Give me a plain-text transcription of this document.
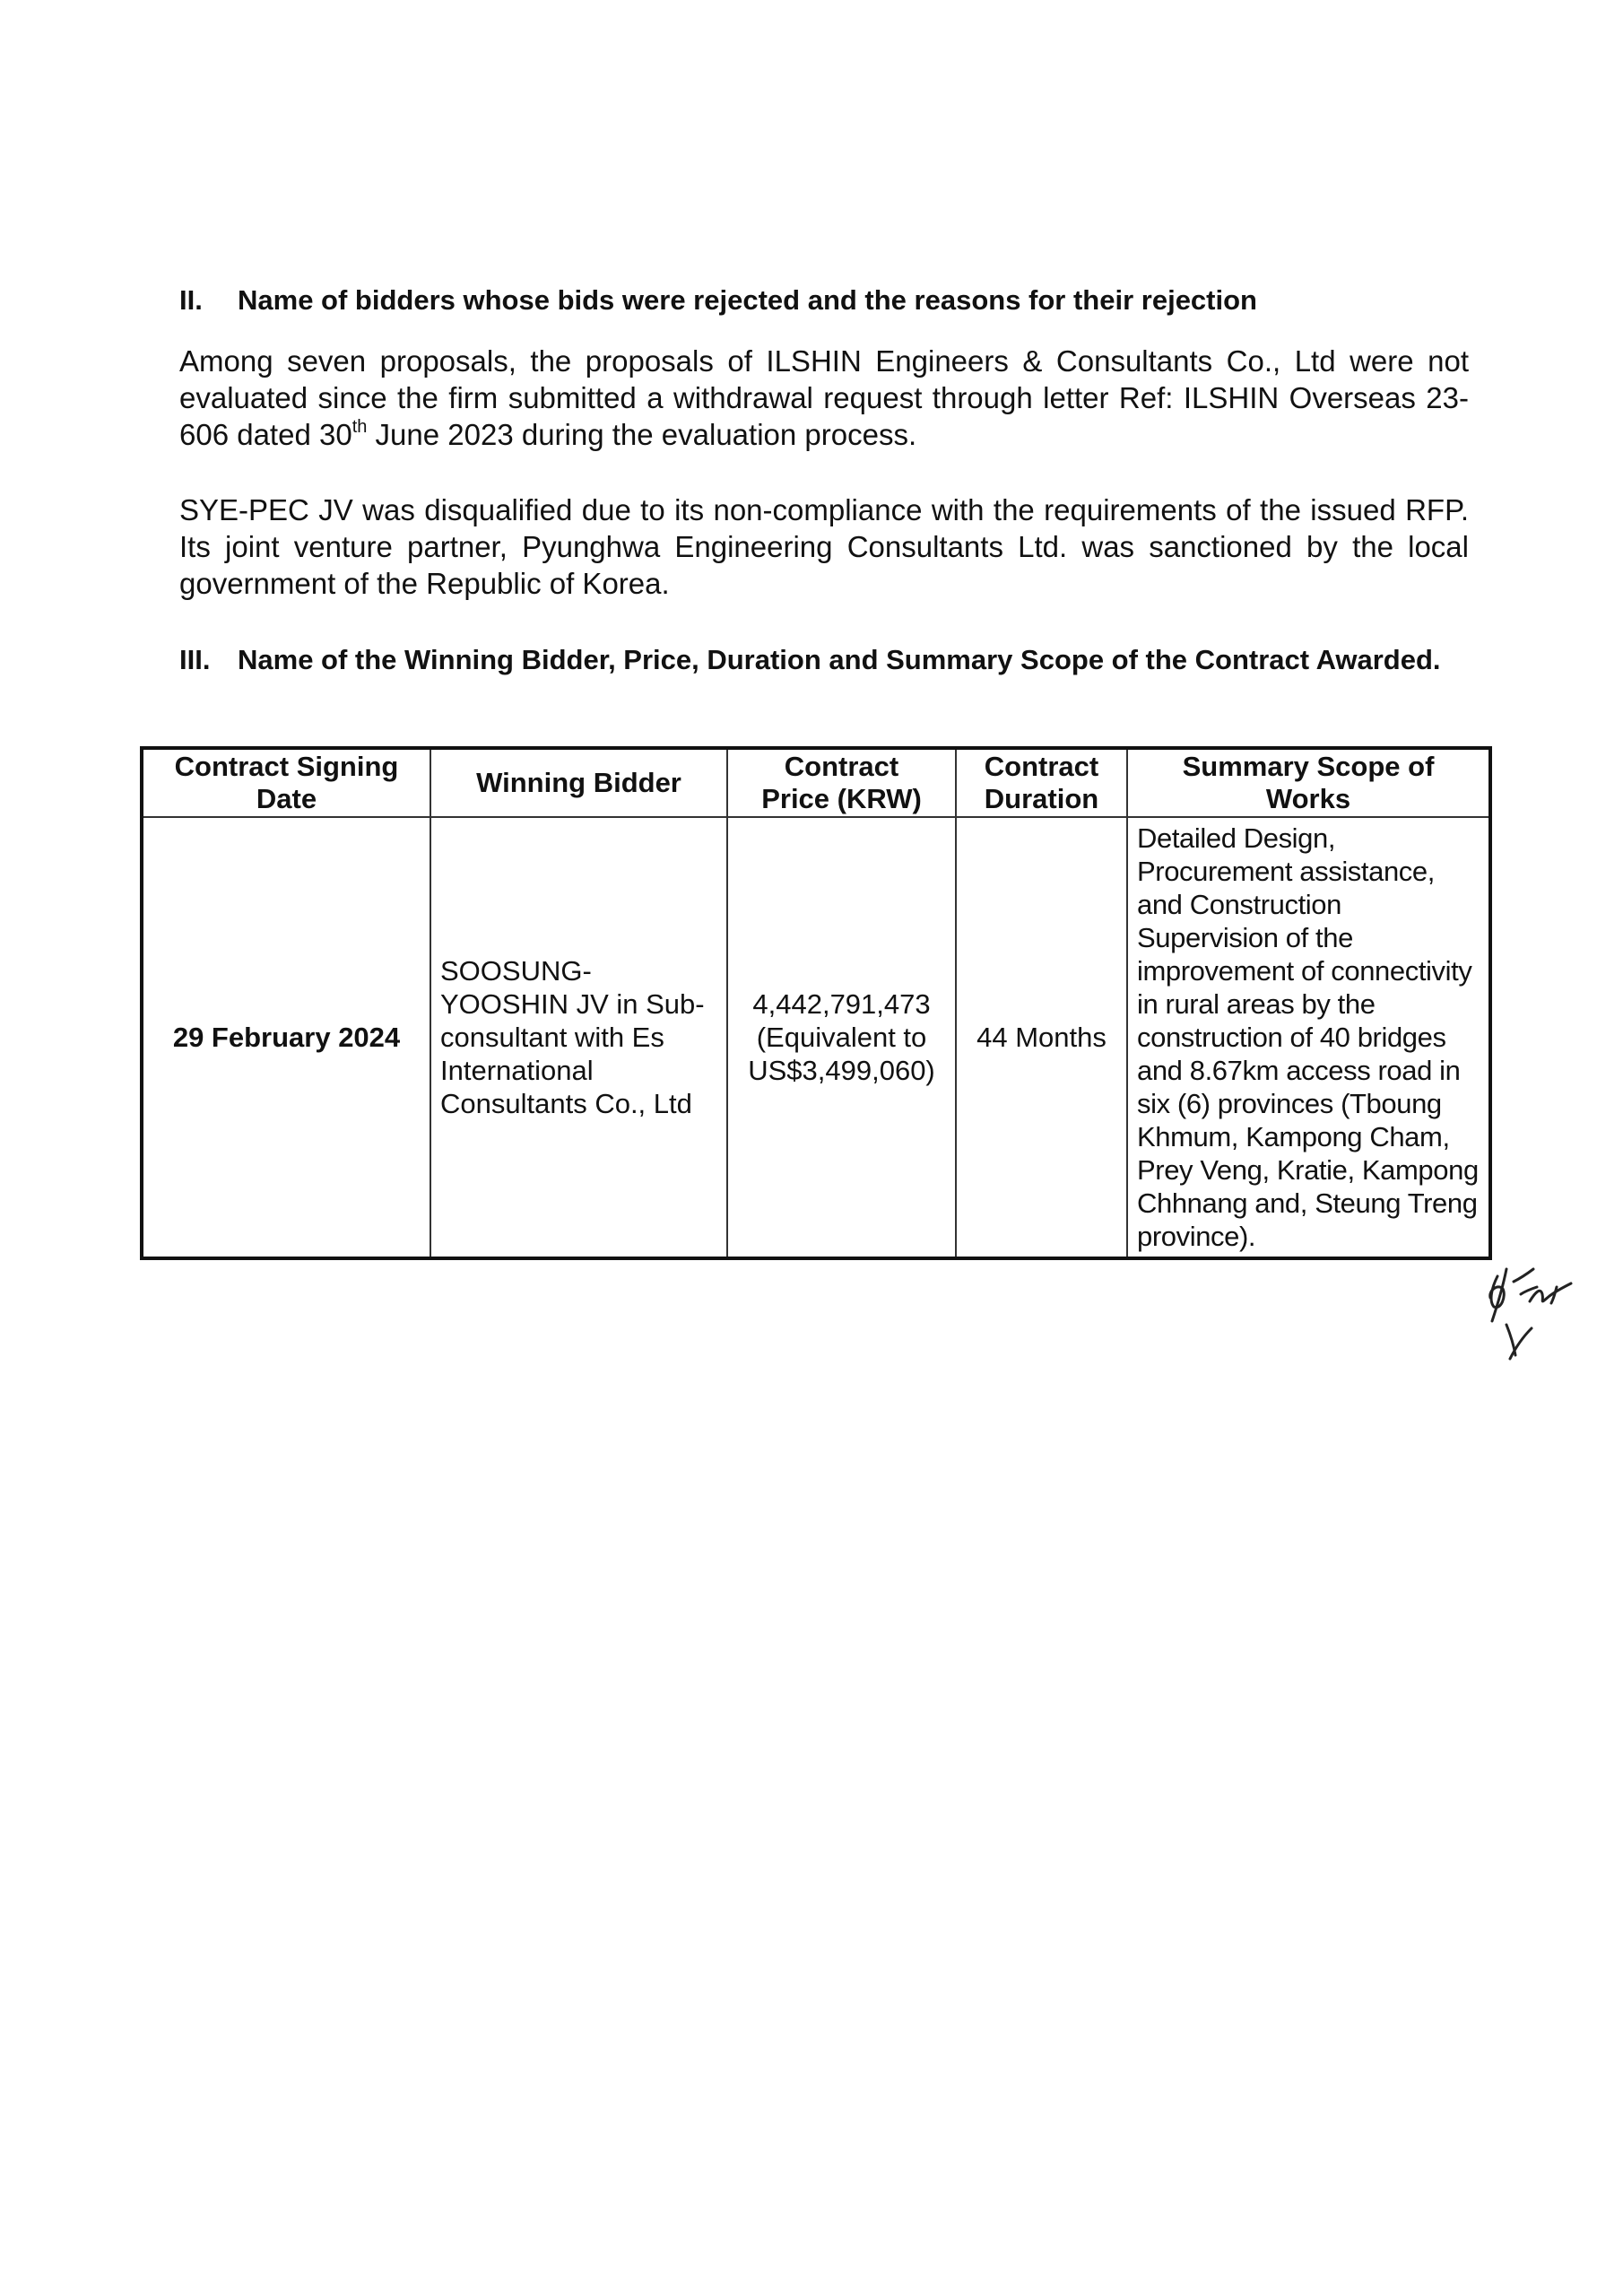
II. Name of bidders whose bids were rejected and the reasons for their rejection
Among seven proposals, the proposals of ILSHIN Engineers & Consultants Co., Ltd were not evaluated since the firm submitted a withdrawal request through letter Ref: ILSHIN Overseas 23-606 dated 30th June 2023 during the evaluation process.
SYE-PEC JV was disqualified due to its non-compliance with the requirements of the issued RFP. Its joint venture partner, Pyunghwa Engineering Consultants Ltd. was sanctioned by the local government of the Republic of Korea.
III. Name of the Winning Bidder, Price, Duration and Summary Scope of the Contract Awarded.
Contract Signing Date	Winning Bidder	Contract Price (KRW)	Contract Duration	Summary Scope of Works
29 February 2024	SOOSUNG-YOOSHIN JV in Sub-consultant with Es International Consultants Co., Ltd	4,442,791,473 (Equivalent to US$3,499,060)	44 Months	Detailed Design, Procurement assistance, and Construction Supervision of the improvement of connectivity in rural areas by the construction of 40 bridges and 8.67km access road in six (6) provinces (Tboung Khmum, Kampong Cham, Prey Veng, Kratie, Kampong Chhnang and, Steung Treng province).
